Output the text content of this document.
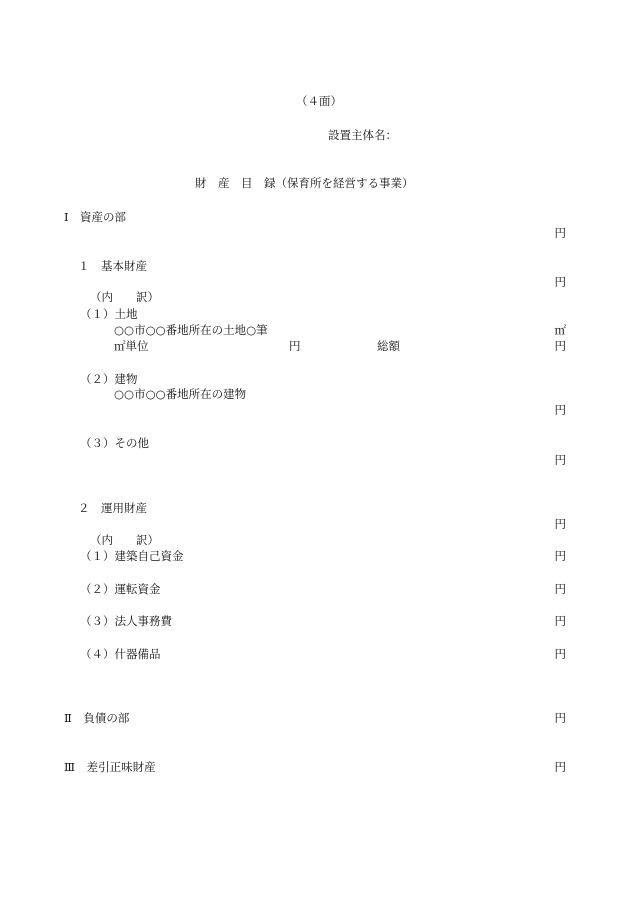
（４面）
設置主体名：
財　産　目　録（保育所を経営する事業）
Ⅰ　資産の部
円
１　基本財産
円
（内　　訳）
（１）土地
○○市○○番地所在の土地○筆	㎡
㎡単位	円	総額	円
（２）建物
○○市○○番地所在の建物
円
（３）その他
円
２　運用財産
円
（内　　訳）
（１）建築自己資金	円
（２）運転資金	円
（３）法人事務費	円
（４）什器備品	円
Ⅱ　負債の部	円
Ⅲ　差引正味財産	円
